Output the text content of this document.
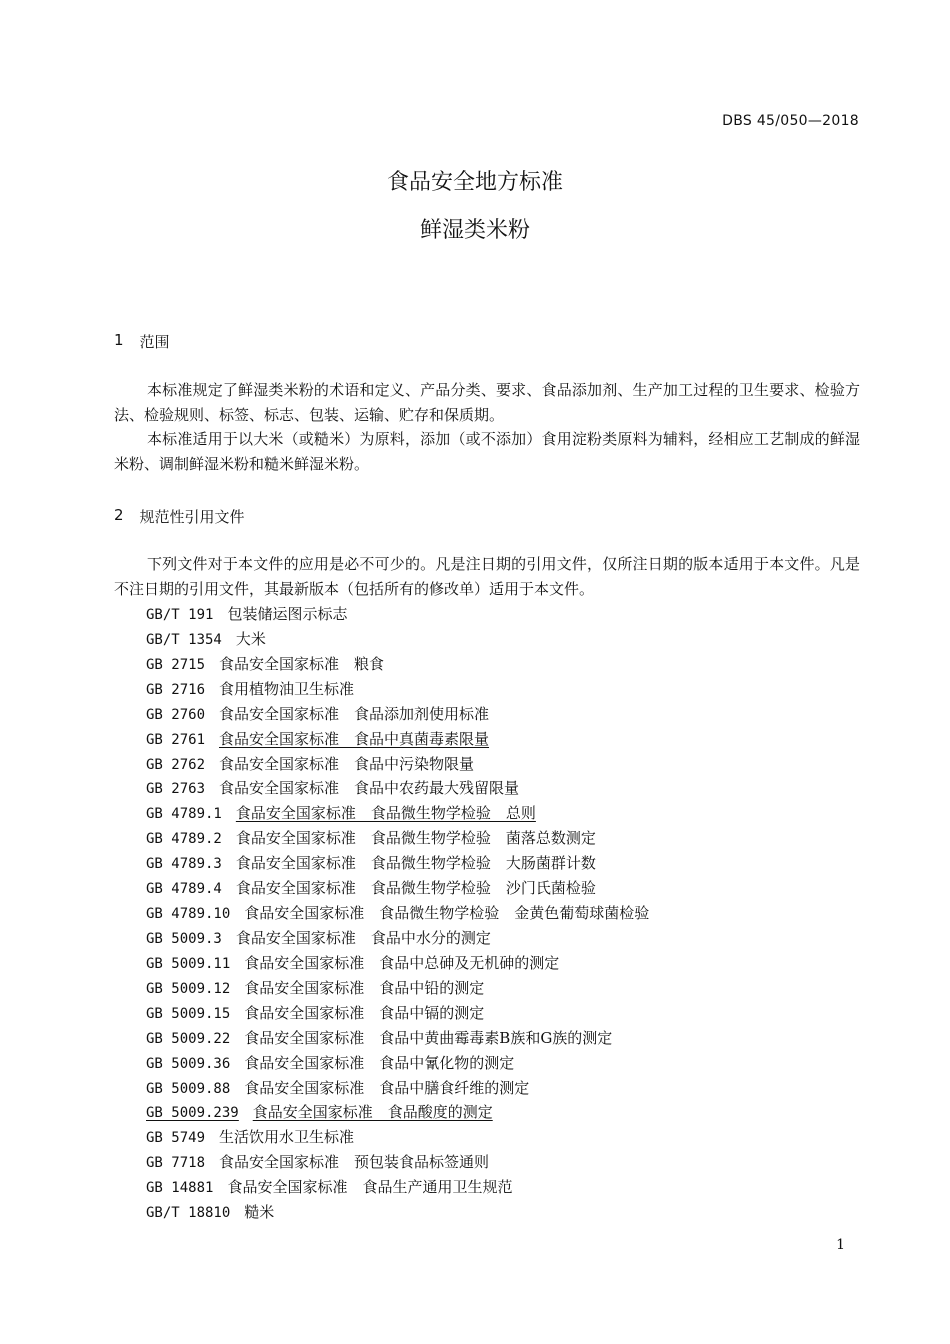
DBS 45/050—2018
食品安全地方标准
鲜湿类米粉
1 范围
本标准规定了鲜湿类米粉的术语和定义、产品分类、要求、食品添加剂、生产加工过程的卫生要求、检验方法、检验规则、标签、标志、包装、运输、贮存和保质期。
本标准适用于以大米（或糙米）为原料，添加（或不添加）食用淀粉类原料为辅料，经相应工艺制成的鲜湿米粉、调制鲜湿米粉和糙米鲜湿米粉。
2 规范性引用文件
下列文件对于本文件的应用是必不可少的。凡是注日期的引用文件，仅所注日期的版本适用于本文件。凡是不注日期的引用文件，其最新版本（包括所有的修改单）适用于本文件。
GB/T 191 包装储运图示标志
GB/T 1354 大米
GB 2715 食品安全国家标准　粮食
GB 2716 食用植物油卫生标准
GB 2760 食品安全国家标准　食品添加剂使用标准
GB 2761 食品安全国家标准　食品中真菌毒素限量
GB 2762 食品安全国家标准　食品中污染物限量
GB 2763 食品安全国家标准　食品中农药最大残留限量
GB 4789.1 食品安全国家标准　食品微生物学检验　总则
GB 4789.2 食品安全国家标准　食品微生物学检验　菌落总数测定
GB 4789.3 食品安全国家标准　食品微生物学检验　大肠菌群计数
GB 4789.4 食品安全国家标准　食品微生物学检验　沙门氏菌检验
GB 4789.10 食品安全国家标准　食品微生物学检验　金黄色葡萄球菌检验
GB 5009.3 食品安全国家标准　食品中水分的测定
GB 5009.11 食品安全国家标准　食品中总砷及无机砷的测定
GB 5009.12 食品安全国家标准　食品中铅的测定
GB 5009.15 食品安全国家标准　食品中镉的测定
GB 5009.22 食品安全国家标准　食品中黄曲霉毒素B族和G族的测定
GB 5009.36 食品安全国家标准　食品中氰化物的测定
GB 5009.88 食品安全国家标准　食品中膳食纤维的测定
GB 5009.239 食品安全国家标准　食品酸度的测定
GB 5749 生活饮用水卫生标准
GB 7718 食品安全国家标准　预包装食品标签通则
GB 14881 食品安全国家标准　食品生产通用卫生规范
GB/T 18810 糙米
1
